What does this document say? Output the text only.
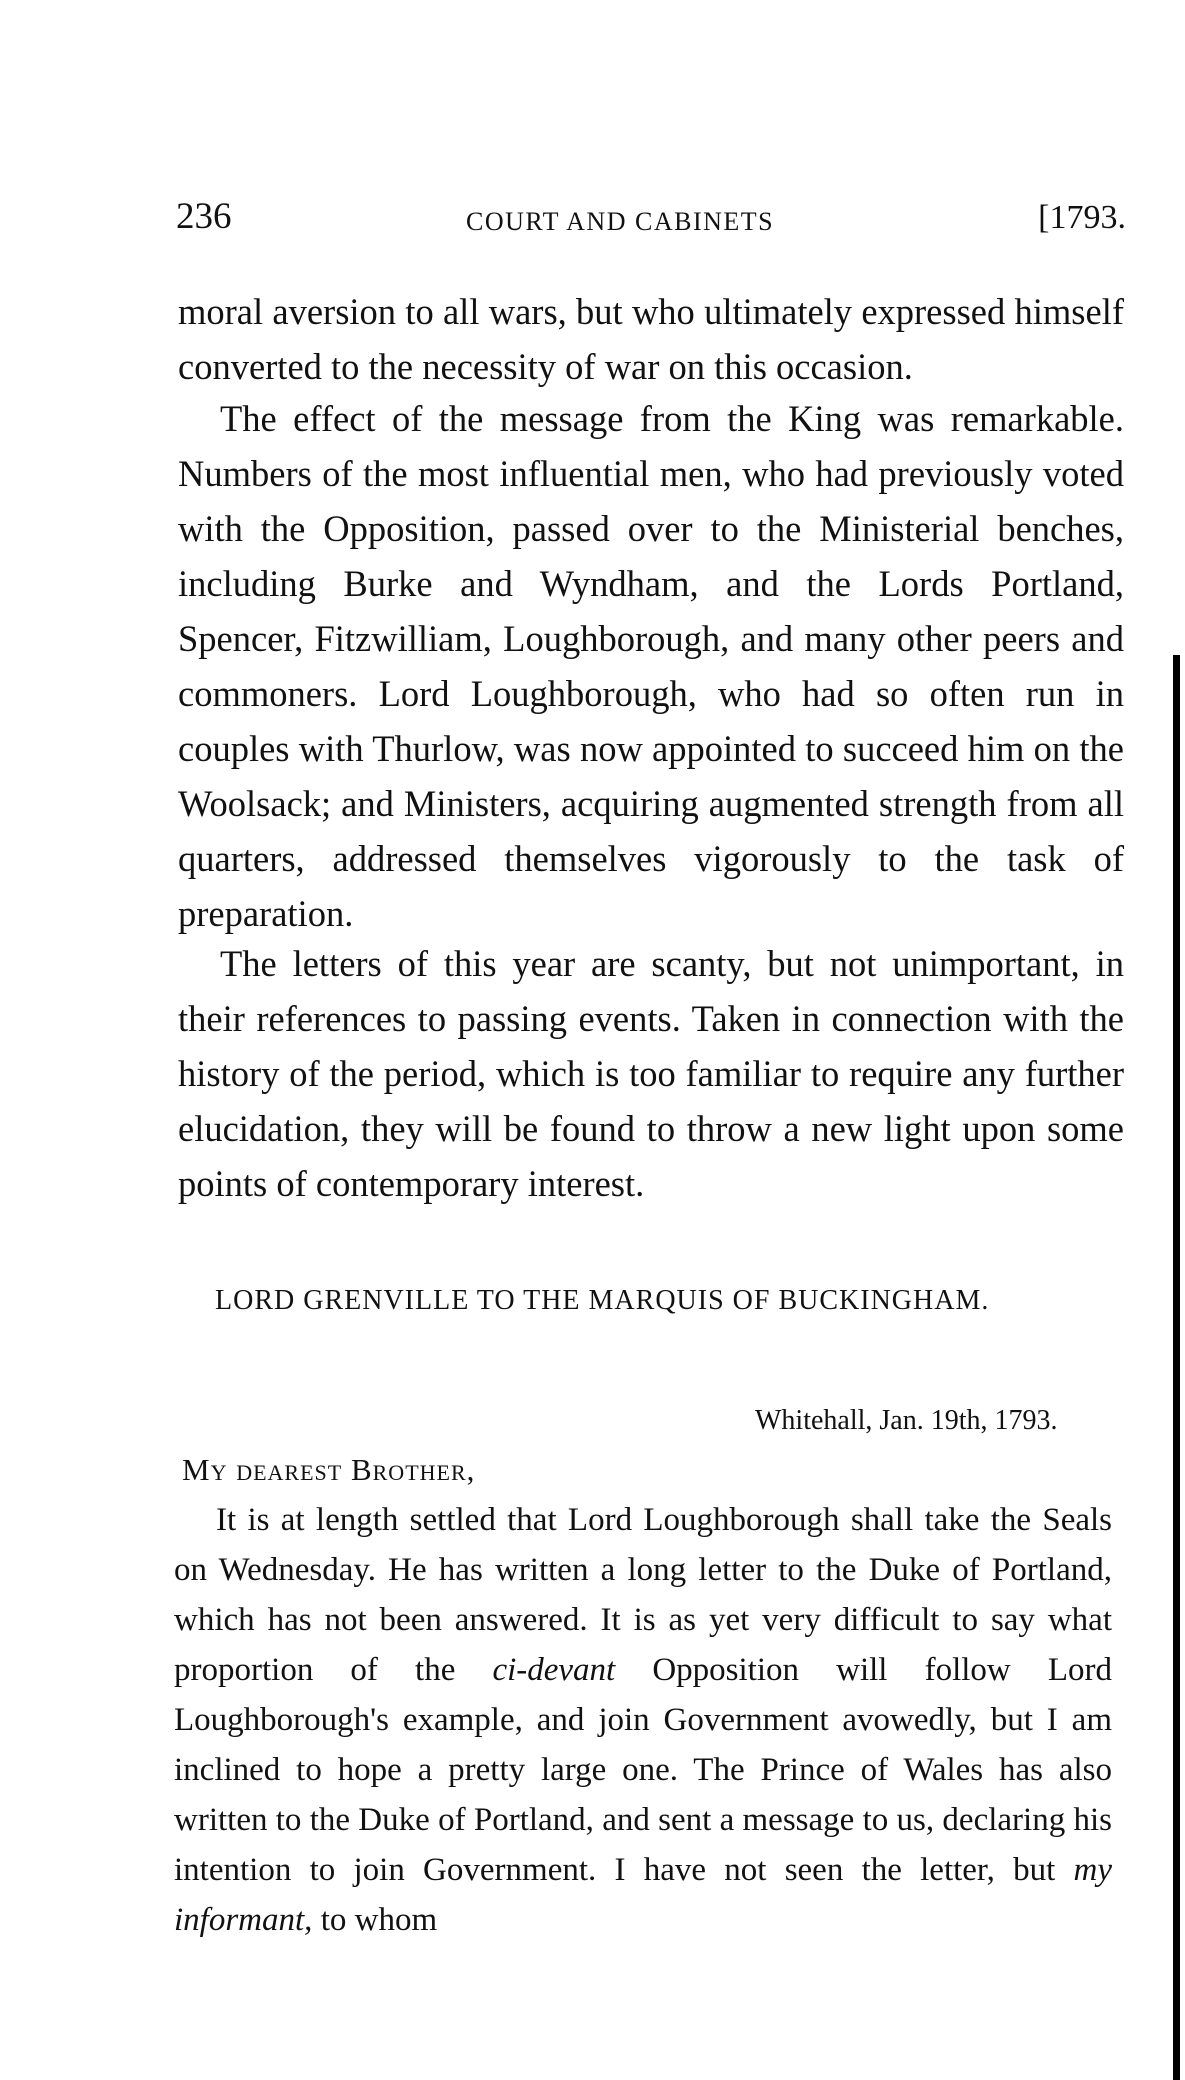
236	COURT AND CABINETS	[1793.

moral aversion to all wars, but who ultimately expressed himself converted to the necessity of war on this occasion.

The effect of the message from the King was remarkable. Numbers of the most influential men, who had previously voted with the Opposition, passed over to the Ministerial benches, including Burke and Wyndham, and the Lords Portland, Spencer, Fitzwilliam, Loughborough, and many other peers and commoners. Lord Loughborough, who had so often run in couples with Thurlow, was now appointed to succeed him on the Woolsack; and Ministers, acquiring augmented strength from all quarters, addressed themselves vigorously to the task of preparation.

The letters of this year are scanty, but not unimportant, in their references to passing events. Taken in connection with the history of the period, which is too familiar to require any further elucidation, they will be found to throw a new light upon some points of contemporary interest.

LORD GRENVILLE TO THE MARQUIS OF BUCKINGHAM.
Whitehall, Jan. 19th, 1793.
My dearest Brother,

It is at length settled that Lord Loughborough shall take the Seals on Wednesday. He has written a long letter to the Duke of Portland, which has not been answered. It is as yet very difficult to say what proportion of the ci-devant Opposition will follow Lord Loughborough's example, and join Government avowedly, but I am inclined to hope a pretty large one. The Prince of Wales has also written to the Duke of Portland, and sent a message to us, declaring his intention to join Government. I have not seen the letter, but my informant, to whom
